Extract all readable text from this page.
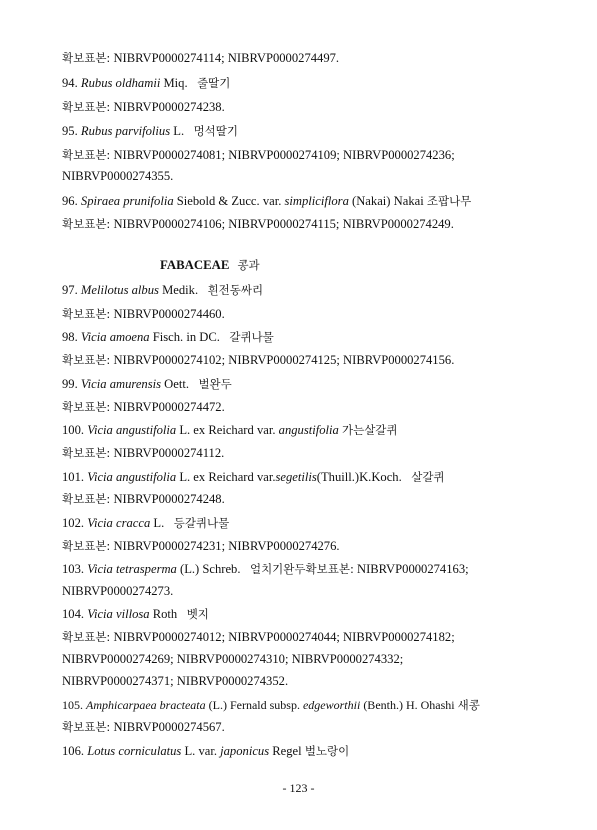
확보표본: NIBRVP0000274114; NIBRVP0000274497.
94. Rubus oldhamii Miq. 줄딸기
확보표본: NIBRVP0000274238.
95. Rubus parvifolius L. 멍석딸기
확보표본: NIBRVP0000274081; NIBRVP0000274109; NIBRVP0000274236;
NIBRVP0000274355.
96. Spiraea prunifolia Siebold & Zucc. var. simpliciflora (Nakai) Nakai 조팝나무
확보표본: NIBRVP0000274106; NIBRVP0000274115; NIBRVP0000274249.
FABACEAE 콩과
97. Melilotus albus Medik. 흰전동싸리
확보표본: NIBRVP0000274460.
98. Vicia amoena Fisch. in DC. 갈퀴나물
확보표본: NIBRVP0000274102; NIBRVP0000274125; NIBRVP0000274156.
99. Vicia amurensis Oett. 벌완두
확보표본: NIBRVP0000274472.
100. Vicia angustifolia L. ex Reichard var. angustifolia 가는살갈퀴
확보표본: NIBRVP0000274112.
101. Vicia angustifolia L. ex Reichard var.segetilis(Thuill.)K.Koch. 살갈퀴
확보표본: NIBRVP0000274248.
102. Vicia cracca L. 등갈퀴나물
확보표본: NIBRVP0000274231; NIBRVP0000274276.
103. Vicia tetrasperma (L.) Schreb. 얼치기완두확보표본: NIBRVP0000274163;
NIBRVP0000274273.
104. Vicia villosa Roth 벳지
확보표본: NIBRVP0000274012; NIBRVP0000274044; NIBRVP0000274182;
NIBRVP0000274269; NIBRVP0000274310; NIBRVP0000274332;
NIBRVP0000274371; NIBRVP0000274352.
105. Amphicarpaea bracteata (L.) Fernald subsp. edgeworthii (Benth.) H. Ohashi 새콩
확보표본: NIBRVP0000274567.
106. Lotus corniculatus L. var. japonicus Regel 벌노랑이
- 123 -
